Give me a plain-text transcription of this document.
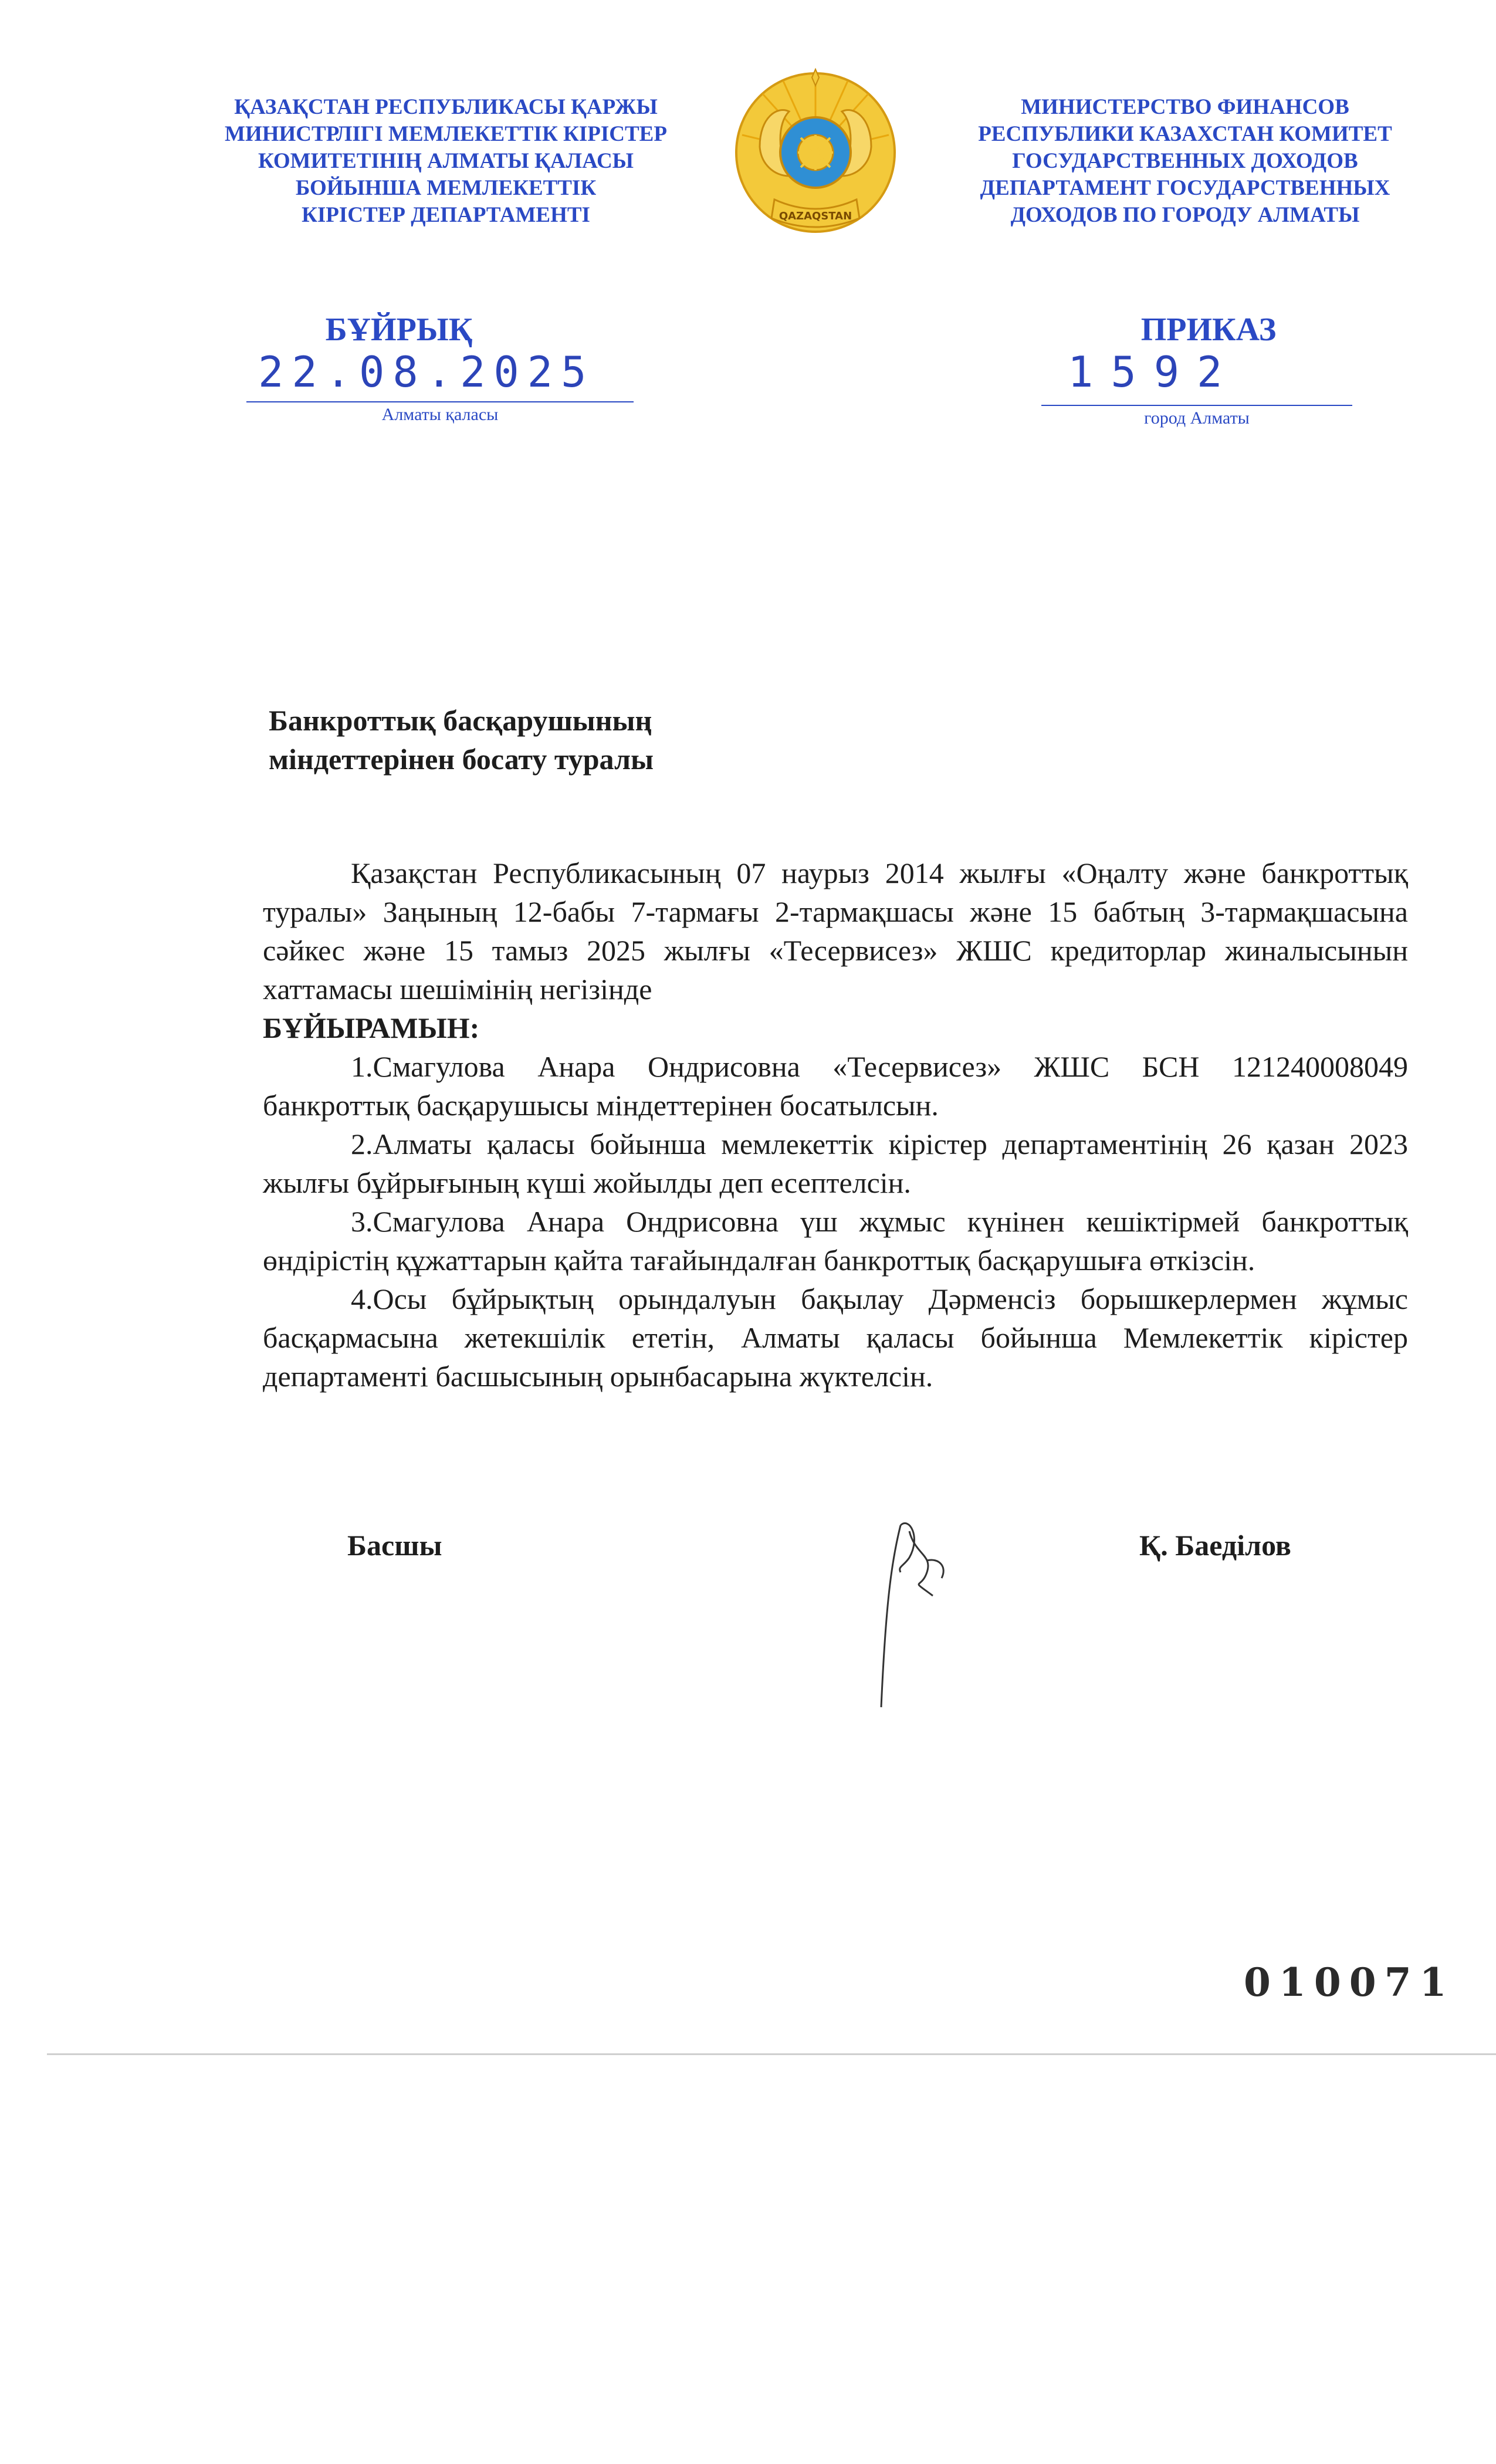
ҚАЗАҚСТАН РЕСПУБЛИКАСЫ ҚАРЖЫ
МИНИСТРЛІГІ МЕМЛЕКЕТТІК КІРІСТЕР
КОМИТЕТІНІҢ АЛМАТЫ ҚАЛАСЫ
БОЙЫНША МЕМЛЕКЕТТІК
КІРІСТЕР ДЕПАРТАМЕНТІ	QAZAQSTAN
МИНИСТЕРСТВО ФИНАНСОВ
РЕСПУБЛИКИ КАЗАХСТАН КОМИТЕТ
ГОСУДАРСТВЕННЫХ ДОХОДОВ
ДЕПАРТАМЕНТ ГОСУДАРСТВЕННЫХ
ДОХОДОВ ПО ГОРОДУ АЛМАТЫ
БҰЙРЫҚ	ПРИКАЗ
22.08.2025	1592
Алматы қаласы	город Алматы
Банкроттық басқарушының
міндеттерінен босату туралы

Қазақстан Республикасының 07 наурыз 2014 жылғы «Оңалту және банкроттық туралы» Заңының 12-бабы 7-тармағы 2-тармақшасы және 15 бабтың 3-тармақшасына сәйкес және 15 тамыз 2025 жылғы «Тесервисез» ЖШС кредиторлар жиналысынын хаттамасы шешімінің негізінде
БҰЙЫРАМЫН:

1.Смагулова Анара Ондрисовна «Тесервисез» ЖШС БСН 121240008049 банкроттық басқарушысы міндеттерінен босатылсын.

2.Алматы қаласы бойынша мемлекеттік кірістер департаментінің 26 қазан 2023 жылғы бұйрығының күші жойылды деп есептелсін.

3.Смагулова Анара Ондрисовна үш жұмыс күнінен кешіктірмей банкроттық өндірістің құжаттарын қайта тағайындалған банкроттық басқарушыға өткізсін.

4.Осы бұйрықтың орындалуын бақылау Дәрменсіз борышкерлермен жұмыс басқармасына жетекшілік ететін, Алматы қаласы бойынша Мемлекеттік кірістер департаменті басшысының орынбасарына жүктелсін.

Басшы	Қ. Баеділов
010071
